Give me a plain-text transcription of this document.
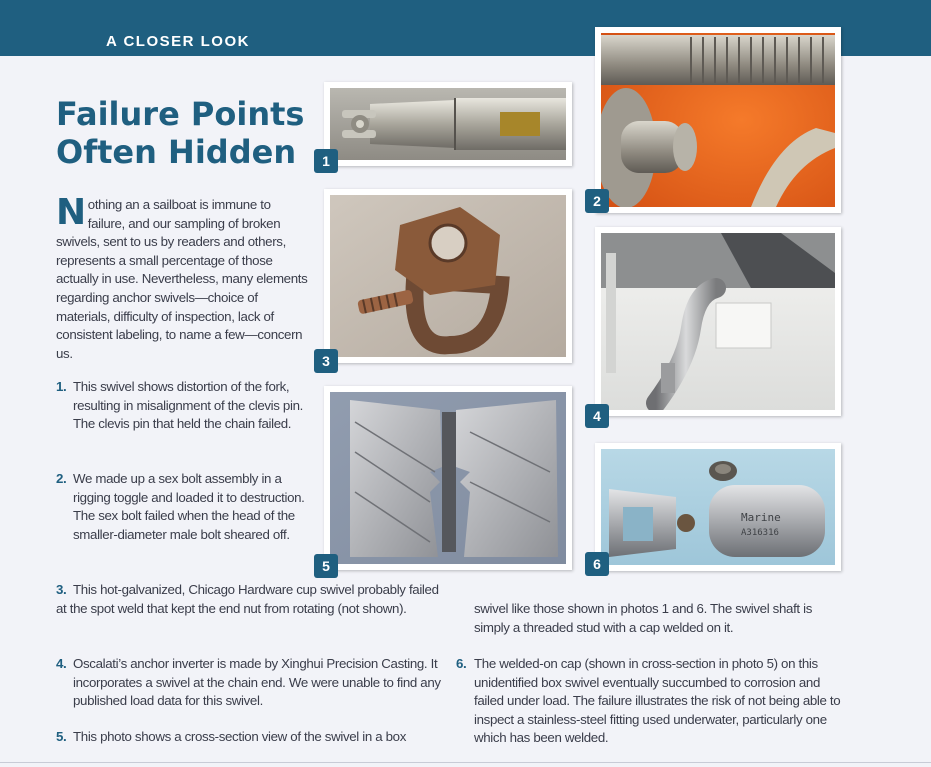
A CLOSER LOOK
Failure Points
Often Hidden

Nothing an a sailboat is immune to failure, and our sampling of broken swivels, sent to us by readers and others, represents a small percentage of those actually in use. Nevertheless, many elements regarding anchor swivels—choice of materials, difficulty of inspection, lack of consistent labeling, to name a few—concern us.

1. This swivel shows distortion of the fork, resulting in misalignment of the clevis pin. The clevis pin that held the chain failed.
2. We made up a sex bolt assembly in a rigging toggle and loaded it to destruction. The sex bolt failed when the head of the smaller-diameter male bolt sheared off.
3. This hot-galvanized, Chicago Hardware cup swivel probably failed at the spot weld that kept the end nut from rotating (not shown).
4. Oscalati’s anchor inverter is made by Xinghui Precision Casting. It incorporates a swivel at the chain end. We were unable to find any published load data for this swivel.
5. This photo shows a cross-section view of the swivel in a box
swivel like those shown in photos 1 and 6. The swivel shaft is simply a threaded stud with a cap welded on it.
6. The welded-on cap (shown in cross-section in photo 5) on this unidentified box swivel eventually succumbed to corrosion and failed under load. The failure illustrates the risk of not being able to inspect a stainless-steel fitting used underwater, particularly one which has been welded.
1
2
3
4
5
Marine
A316316
6
